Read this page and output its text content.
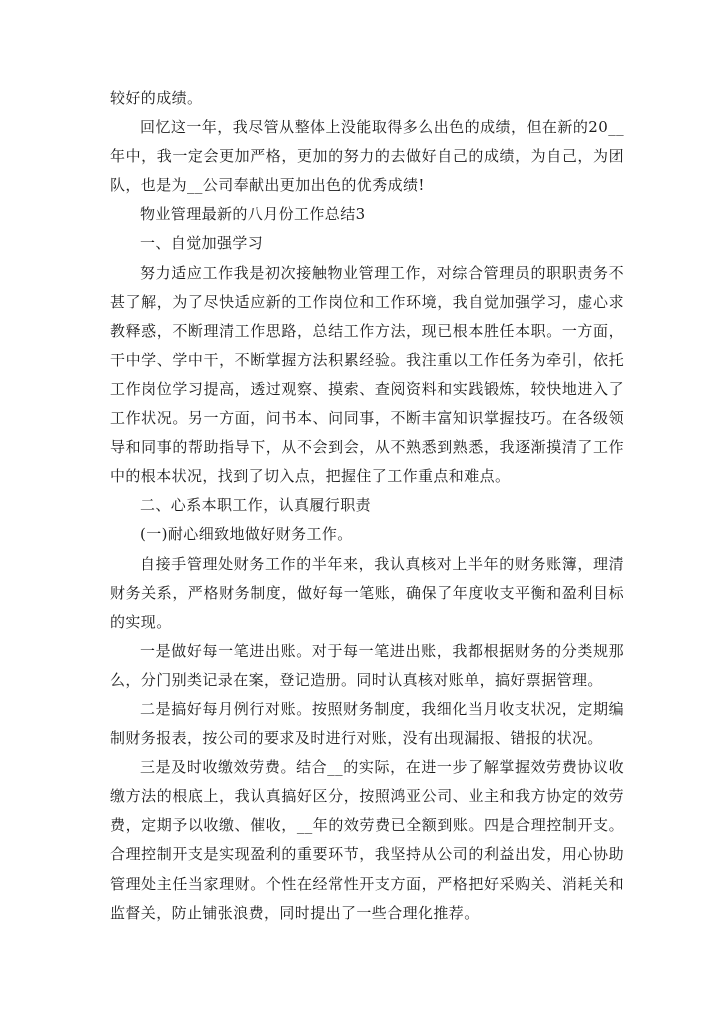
较好的成绩。

回忆这一年，我尽管从整体上没能取得多么出色的成绩，但在新的20__年中，我一定会更加严格，更加的努力的去做好自己的成绩，为自己，为团队，也是为__公司奉献出更加出色的优秀成绩!

物业管理最新的八月份工作总结3

一、自觉加强学习

努力适应工作我是初次接触物业管理工作，对综合管理员的职职责务不甚了解，为了尽快适应新的工作岗位和工作环境，我自觉加强学习，虚心求教释惑，不断理清工作思路，总结工作方法，现已根本胜任本职。一方面，干中学、学中干，不断掌握方法积累经验。我注重以工作任务为牵引，依托工作岗位学习提高，透过观察、摸索、查阅资料和实践锻炼，较快地进入了工作状况。另一方面，问书本、问同事，不断丰富知识掌握技巧。在各级领导和同事的帮助指导下，从不会到会，从不熟悉到熟悉，我逐渐摸清了工作中的根本状况，找到了切入点，把握住了工作重点和难点。

二、心系本职工作，认真履行职责

(一)耐心细致地做好财务工作。

自接手管理处财务工作的半年来，我认真核对上半年的财务账簿，理清财务关系，严格财务制度，做好每一笔账，确保了年度收支平衡和盈利目标的实现。

一是做好每一笔进出账。对于每一笔进出账，我都根据财务的分类规那么，分门别类记录在案，登记造册。同时认真核对账单，搞好票据管理。

二是搞好每月例行对账。按照财务制度，我细化当月收支状况，定期编制财务报表，按公司的要求及时进行对账，没有出现漏报、错报的状况。

三是及时收缴效劳费。结合__的实际，在进一步了解掌握效劳费协议收缴方法的根底上，我认真搞好区分，按照鸿亚公司、业主和我方协定的效劳费，定期予以收缴、催收，__年的效劳费已全额到账。四是合理控制开支。合理控制开支是实现盈利的重要环节，我坚持从公司的利益出发，用心协助管理处主任当家理财。个性在经常性开支方面，严格把好采购关、消耗关和监督关，防止铺张浪费，同时提出了一些合理化推荐。
